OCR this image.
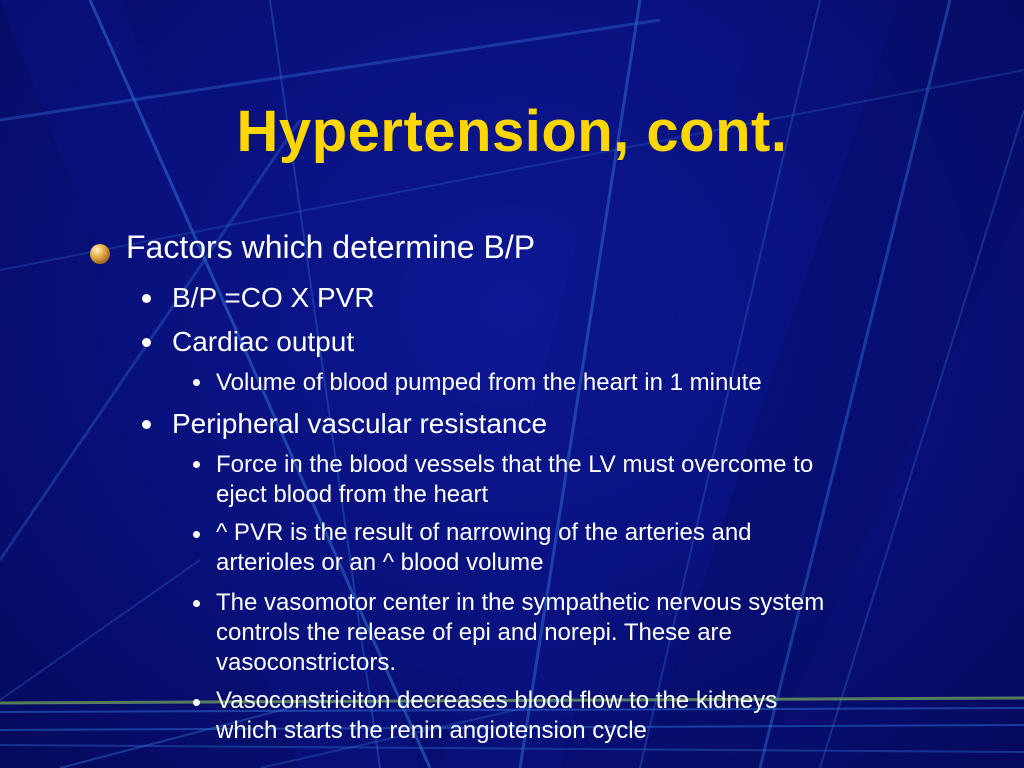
Hypertension, cont.
Factors which determine B/P
B/P =CO X PVR
Cardiac output
Volume of blood pumped from the heart in 1 minute
Peripheral vascular resistance
Force in the blood vessels that the LV must overcome to
eject blood from the heart
^ PVR is the result of narrowing of the arteries and
arterioles or an ^ blood volume
The vasomotor center in the sympathetic nervous system
controls the release of epi and norepi. These are
vasoconstrictors.
Vasoconstriciton decreases blood flow to the kidneys
which starts the renin angiotension cycle
